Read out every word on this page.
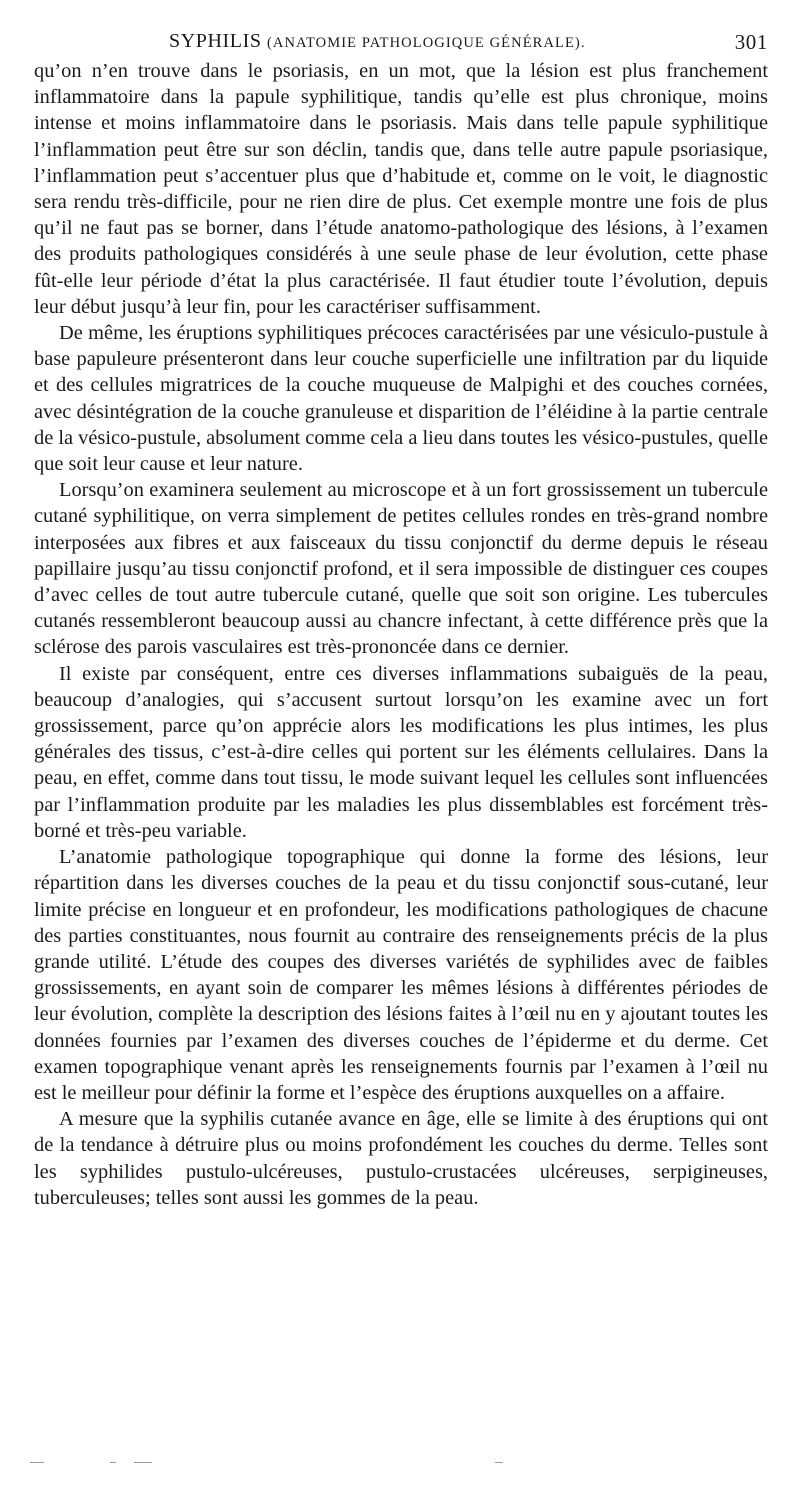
SYPHILIS (ANATOMIE PATHOLOGIQUE GÉNÉRALE).	301

qu’on n’en trouve dans le psoriasis, en un mot, que la lésion est plus franchement inflammatoire dans la papule syphilitique, tandis qu’elle est plus chronique, moins intense et moins inflammatoire dans le psoriasis. Mais dans telle papule syphilitique l’inflammation peut être sur son déclin, tandis que, dans telle autre papule psoriasique, l’inflammation peut s’accentuer plus que d’habitude et, comme on le voit, le diagnostic sera rendu très-difficile, pour ne rien dire de plus. Cet exemple montre une fois de plus qu’il ne faut pas se borner, dans l’étude anatomo-pathologique des lésions, à l’examen des produits pathologiques considérés à une seule phase de leur évolution, cette phase fût-elle leur période d’état la plus caractérisée. Il faut étudier toute l’évolution, depuis leur début jusqu’à leur fin, pour les caractériser suffisamment.

De même, les éruptions syphilitiques précoces caractérisées par une vésiculo-pustule à base papuleure présenteront dans leur couche superficielle une infiltration par du liquide et des cellules migratrices de la couche muqueuse de Malpighi et des couches cornées, avec désintégration de la couche granuleuse et disparition de l’éléidine à la partie centrale de la vésico-pustule, absolument comme cela a lieu dans toutes les vésico-pustules, quelle que soit leur cause et leur nature.

Lorsqu’on examinera seulement au microscope et à un fort grossissement un tubercule cutané syphilitique, on verra simplement de petites cellules rondes en très-grand nombre interposées aux fibres et aux faisceaux du tissu conjonctif du derme depuis le réseau papillaire jusqu’au tissu conjonctif profond, et il sera impossible de distinguer ces coupes d’avec celles de tout autre tubercule cutané, quelle que soit son origine. Les tubercules cutanés ressembleront beaucoup aussi au chancre infectant, à cette différence près que la sclérose des parois vasculaires est très-prononcée dans ce dernier.

Il existe par conséquent, entre ces diverses inflammations subaiguës de la peau, beaucoup d’analogies, qui s’accusent surtout lorsqu’on les examine avec un fort grossissement, parce qu’on apprécie alors les modifications les plus intimes, les plus générales des tissus, c’est-à-dire celles qui portent sur les éléments cellulaires. Dans la peau, en effet, comme dans tout tissu, le mode suivant lequel les cellules sont influencées par l’inflammation produite par les maladies les plus dissemblables est forcément très-borné et très-peu variable.

L’anatomie pathologique topographique qui donne la forme des lésions, leur répartition dans les diverses couches de la peau et du tissu conjonctif sous-cutané, leur limite précise en longueur et en profondeur, les modifications pathologiques de chacune des parties constituantes, nous fournit au contraire des renseignements précis de la plus grande utilité. L’étude des coupes des diverses variétés de syphilides avec de faibles grossissements, en ayant soin de comparer les mêmes lésions à différentes périodes de leur évolution, complète la description des lésions faites à l’œil nu en y ajoutant toutes les données fournies par l’examen des diverses couches de l’épiderme et du derme. Cet examen topographique venant après les renseignements fournis par l’examen à l’œil nu est le meilleur pour définir la forme et l’espèce des éruptions auxquelles on a affaire.

A mesure que la syphilis cutanée avance en âge, elle se limite à des éruptions qui ont de la tendance à détruire plus ou moins profondément les couches du derme. Telles sont les syphilides pustulo-ulcéreuses, pustulo-crustacées ulcéreuses, serpigineuses, tuberculeuses; telles sont aussi les gommes de la peau.
